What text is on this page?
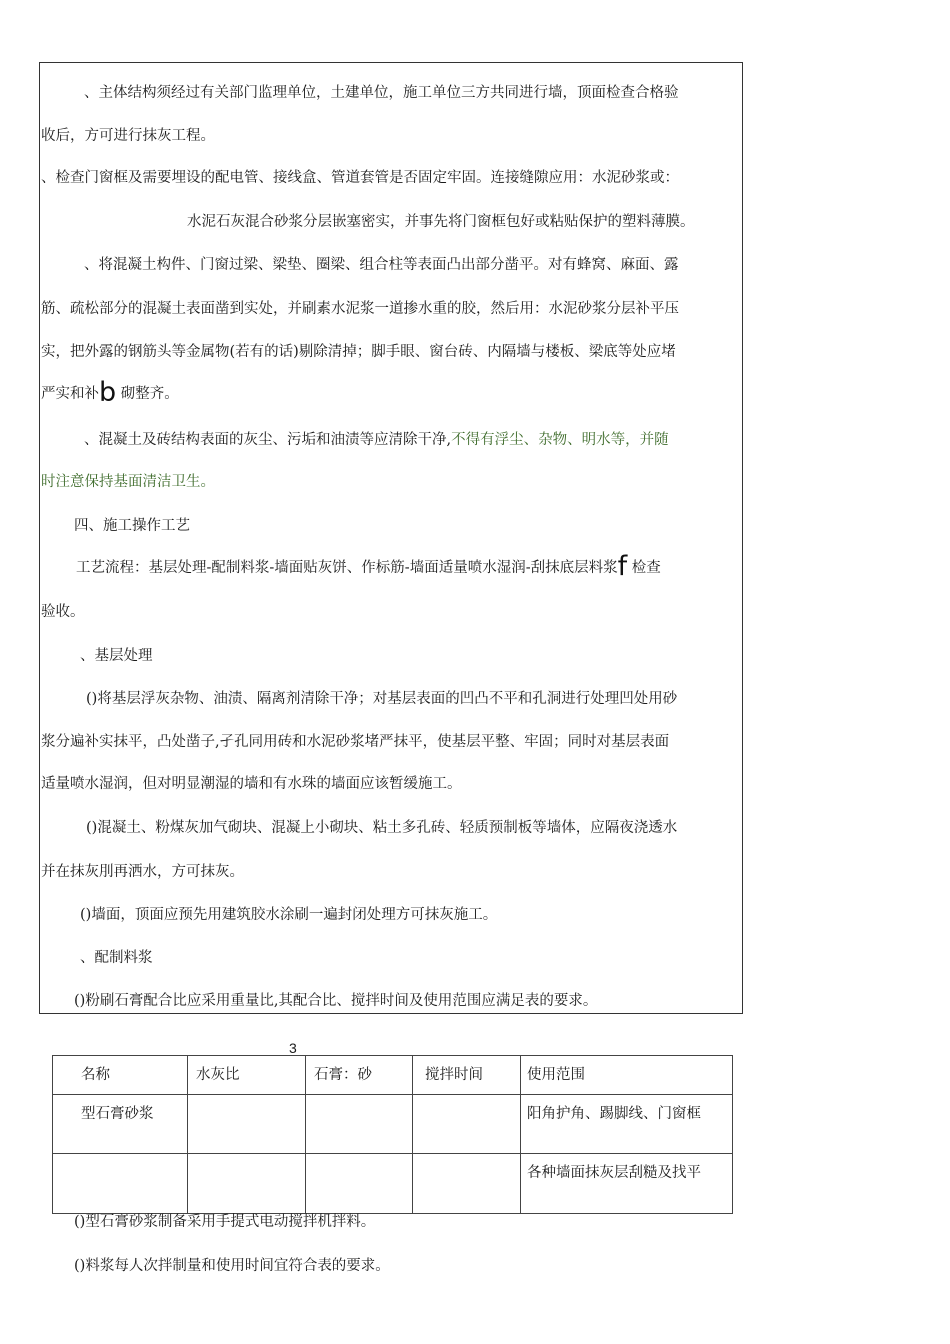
、主体结构须经过有关部门监理单位，土建单位，施工单位三方共同进行墙，顶面检查合格验
收后，方可进行抹灰工程。
、检查门窗框及需要埋设的配电管、接线盒、管道套管是否固定牢固。连接缝隙应用：水泥砂浆或：
水泥石灰混合砂浆分层嵌塞密实，并事先将门窗框包好或粘贴保护的塑料薄膜。
、将混凝土构件、门窗过梁、梁垫、圈梁、组合柱等表面凸出部分凿平。对有蜂窝、麻面、露
筋、疏松部分的混凝土表面凿到实处，并刷素水泥浆一道掺水重的胶，然后用：水泥砂浆分层补平压
实，把外露的钢筋头等金属物(若有的话)剔除清掉；脚手眼、窗台砖、内隔墙与楼板、梁底等处应堵
严实和补b 砌整齐。
、混凝土及砖结构表面的灰尘、污垢和油渍等应清除干净,不得有浮尘、杂物、明水等，并随
时注意保持基面清洁卫生。
四、施工操作工艺
工艺流程：基层处理-配制料浆-墙面贴灰饼、作标筋-墙面适量喷水湿润-刮抹底层料浆f 检查
验收。
、基层处理
()将基层浮灰杂物、油渍、隔离剂清除干净；对基层表面的凹凸不平和孔洞进行处理凹处用砂
浆分遍补实抹平，凸处凿子,孑孔同用砖和水泥砂浆堵严抹平，使基层平整、牢固；同时对基层表面
适量喷水湿润，但对明显潮湿的墙和有水珠的墙面应该暂缓施工。
()混凝土、粉煤灰加气砌块、混凝上小砌块、粘土多孔砖、轻质预制板等墙体，应隔夜浇透水
并在抹灰刖再洒水，方可抹灰。
()墙面，顶面应预先用建筑胶水涂刷一遍封闭处理方可抹灰施工。
、配制料浆
()粉刷石膏配合比应采用重量比,其配合比、搅拌时间及使用范围应满足表的要求。
3
名称	水灰比	石膏：砂	搅拌时间	使用范围

型石膏砂浆				阳角护角、踢脚线、门窗框

				各种墙面抹灰层刮糙及找平
()型石膏砂浆制备采用手提式电动搅拌机拌料。
()料浆每人次拌制量和使用时间宜符合表的要求。
